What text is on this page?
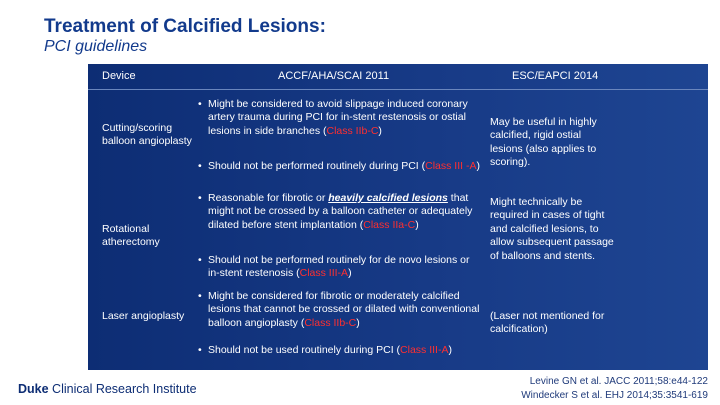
Treatment of Calcified Lesions:
PCI guidelines
Device	ACCF/AHA/SCAI 2011	ESC/EAPCI 2014
Cutting/scoring balloon angioplasty
• Might be considered to avoid slippage induced coronary artery trauma during PCI for in-stent restenosis or ostial lesions in side branches (Class IIb-C)
• Should not be performed routinely during PCI (Class III -A)
May be useful in highly calcified, rigid ostial lesions (also applies to scoring).
Rotational atherectomy
• Reasonable for fibrotic or heavily calcified lesions that might not be crossed by a balloon catheter or adequately dilated before stent implantation (Class IIa-C)
• Should not be performed routinely for de novo lesions or in-stent restenosis (Class III-A)
Might technically be required in cases of tight and calcified lesions, to allow subsequent passage of balloons and stents.
Laser angioplasty
• Might be considered for fibrotic or moderately calcified lesions that cannot be crossed or dilated with conventional balloon angioplasty (Class IIb-C)
• Should not be used routinely during PCI (Class III-A)
(Laser not mentioned for calcification)
Duke Clinical Research Institute
Levine GN et al. JACC 2011;58:e44-122
Windecker S et al. EHJ 2014;35:3541-619
